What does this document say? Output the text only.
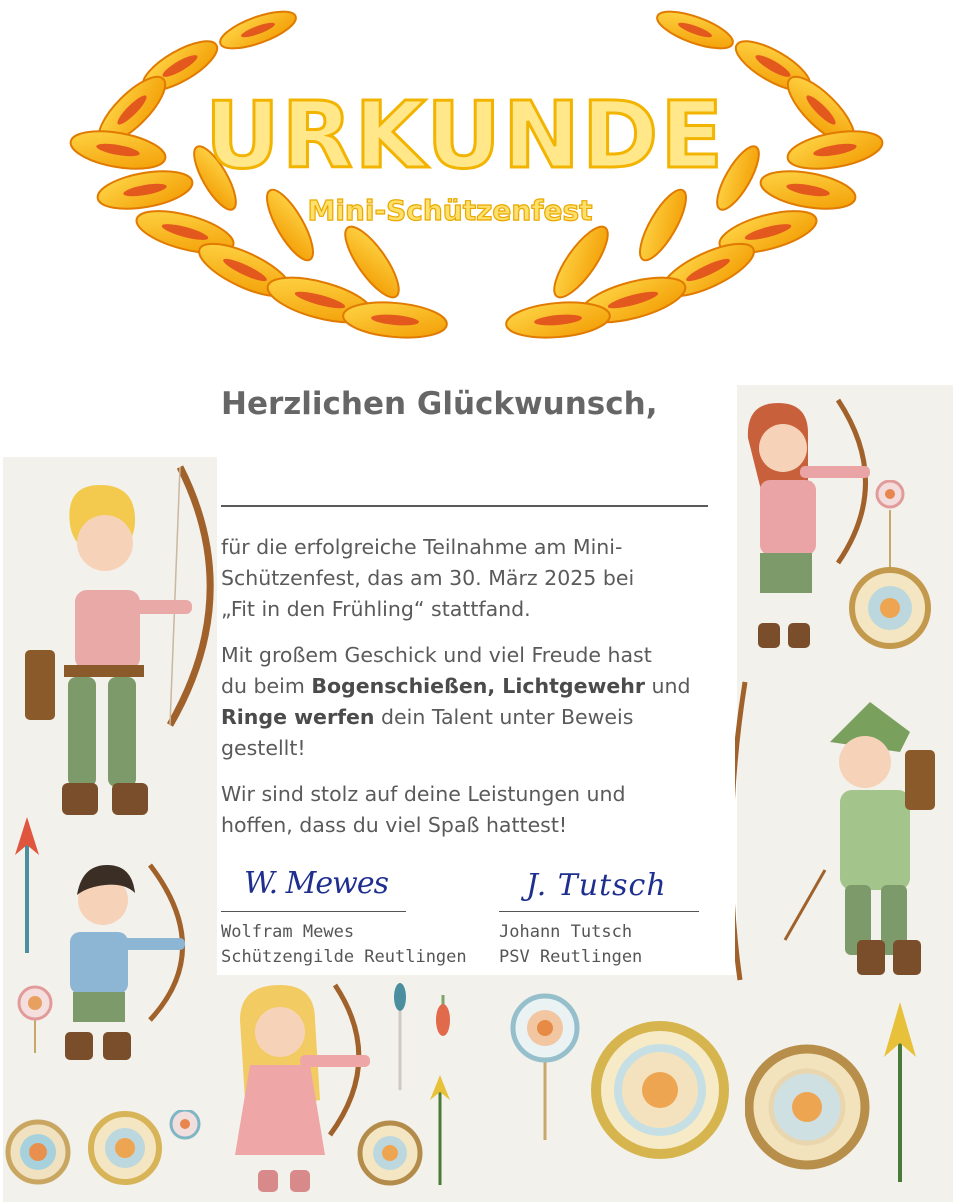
URKUNDE
Mini-Schützenfest
Herzlichen Glückwunsch,
für die erfolgreiche Teilnahme am Mini-
Schützenfest, das am 30. März 2025 bei
„Fit in den Frühling“ stattfand.
Mit großem Geschick und viel Freude hast
du beim Bogenschießen, Lichtgewehr und
Ringe werfen dein Talent unter Beweis
gestellt!
Wir sind stolz auf deine Leistungen und
hoffen, dass du viel Spaß hattest!
W. Mewes
Wolfram Mewes
Schützengilde Reutlingen
J. Tutsch
Johann Tutsch
PSV Reutlingen
